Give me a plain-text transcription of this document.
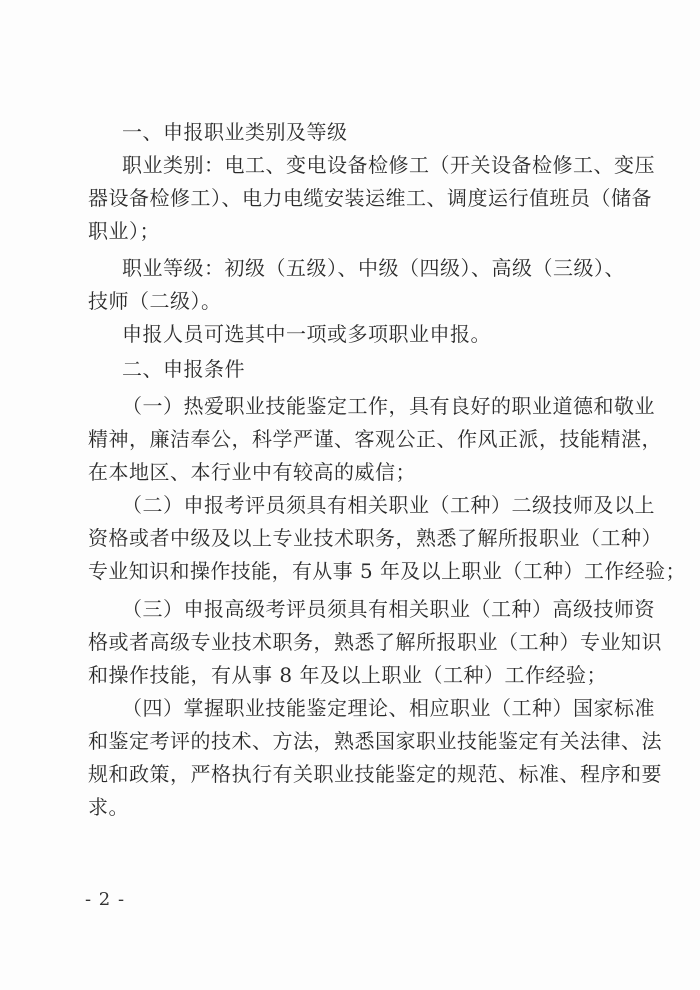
一、申报职业类别及等级
职业类别：电工、变电设备检修工（开关设备检修工、变压
器设备检修工）、电力电缆安装运维工、调度运行值班员（储备
职业）；
职业等级：初级（五级）、中级（四级）、高级（三级）、
技师（二级）。
申报人员可选其中一项或多项职业申报。
二、申报条件
（一）热爱职业技能鉴定工作，具有良好的职业道德和敬业
精神，廉洁奉公，科学严谨、客观公正、作风正派，技能精湛，
在本地区、本行业中有较高的威信；
（二）申报考评员须具有相关职业（工种）二级技师及以上
资格或者中级及以上专业技术职务，熟悉了解所报职业（工种）
专业知识和操作技能，有从事 5 年及以上职业（工种）工作经验；
（三）申报高级考评员须具有相关职业（工种）高级技师资
格或者高级专业技术职务，熟悉了解所报职业（工种）专业知识
和操作技能，有从事 8 年及以上职业（工种）工作经验；
（四）掌握职业技能鉴定理论、相应职业（工种）国家标准
和鉴定考评的技术、方法，熟悉国家职业技能鉴定有关法律、法
规和政策，严格执行有关职业技能鉴定的规范、标准、程序和要
求。
- 2 -
